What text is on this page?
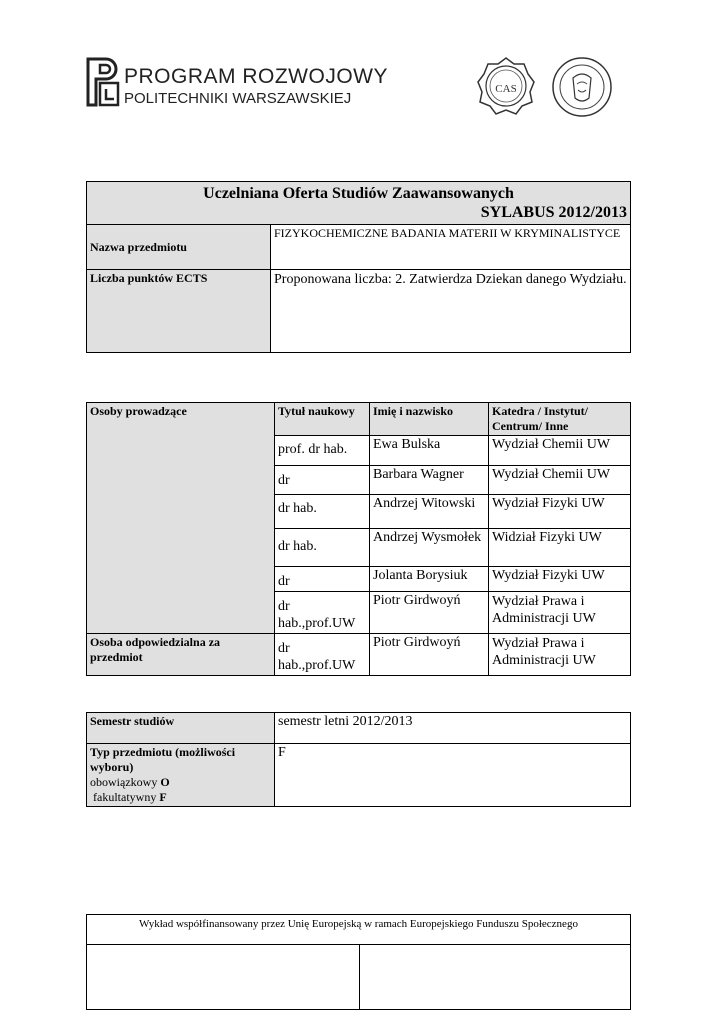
PROGRAM ROZWOJOWY
POLITECHNIKI WARSZAWSKIEJ
CAS
Uczelniana Oferta Studiów Zaawansowanych
SYLABUS 2012/2013	

Nazwa przedmiotu	FIZYKOCHEMICZNE BADANIA MATERII W KRYMINALISTYCE
Liczba punktów ECTS	Proponowana liczba: 2. Zatwierdza Dziekan danego Wydziału.
Osoby prowadzące	Tytuł naukowy	Imię i nazwisko	Katedra / Instytut/ Centrum/ Inne
	prof. dr hab.	Ewa Bulska	Wydział Chemii UW
	dr	Barbara Wagner	Wydział Chemii UW
	dr hab.	Andrzej Witowski	Wydział Fizyki UW
	dr hab.	Andrzej Wysmołek	Widział Fizyki UW
	dr	Jolanta Borysiuk	Wydział Fizyki UW
	dr hab.,prof.UW	Piotr Girdwoyń	Wydział Prawa i Administracji UW
Osoba odpowiedzialna za przedmiot	dr hab.,prof.UW	Piotr Girdwoyń	Wydział Prawa i Administracji UW
Semestr studiów	semestr letni 2012/2013

Typ przedmiotu (możliwości wyboru)
obowiązkowy O
fakultatywny F	F
Wykład współfinansowany przez Unię Europejską w ramach Europejskiego Funduszu Społecznego
